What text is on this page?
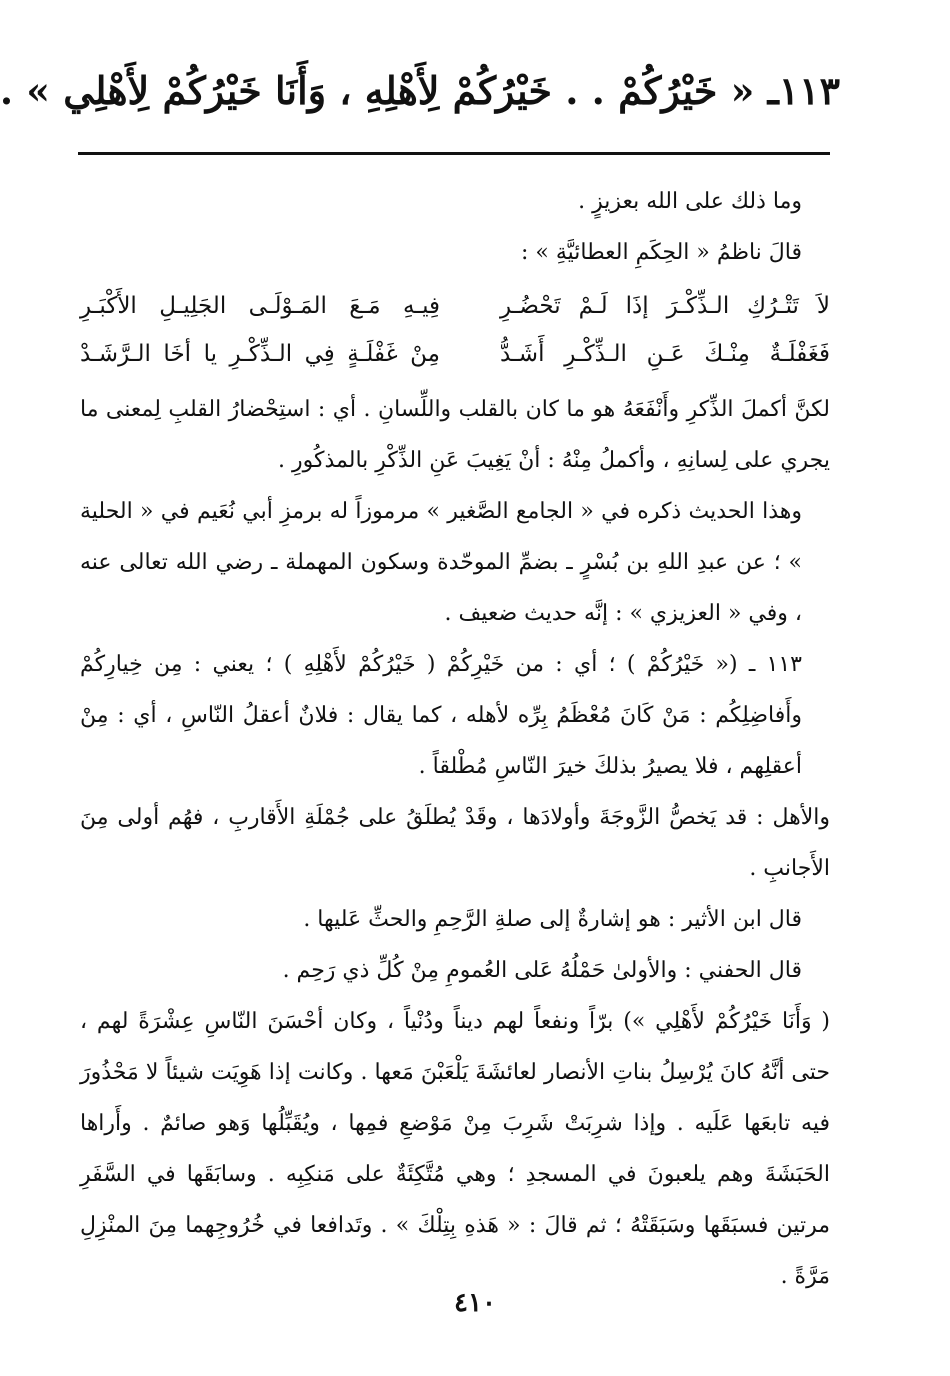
١١٣ـ « خَيْرُكُمْ . . خَيْرُكُمْ لِأَهْلِهِ ، وَأَنَا خَيْرُكُمْ لِأَهْلِي » .

وما ذلك على الله بعزيزٍ .

قالَ ناظمُ « الحِكَمِ العطائيَّةِ » :

لاَ تَتْـرُكِ الـذِّكْـرَ إذَا لَـمْ تَحْضُـرِ
فِيـهِ مَـعَ المَـوْلَـى الجَلِيـلِ الأَكْبَـرِ
فَغَفْلَـةٌ مِنْـكَ عَـنِ الـذِّكْـرِ أَشَـدُّ
مِنْ غَفْلَـةٍ فِي الـذِّكْـرِ يا أخَا الـرَّشَـدْ

لكنَّ أكملَ الذِّكرِ وأَنْفَعَهُ هو ما كان بالقلب واللِّسانِ . أي : استِحْضارُ القلبِ لِمعنى ما يجري على لِسانِهِ ، وأكملُ مِنْهُ : أنْ يَغِيبَ عَنِ الذِّكْرِ بالمذكُورِ .

وهذا الحديث ذكره في « الجامع الصَّغير » مرموزاً له برمزِ أبي نُعَيم في « الحلية » ؛ عن عبدِ اللهِ بن بُسْرٍ ـ بضمِّ الموحّدة وسكون المهملة ـ رضي الله تعالى عنه ، وفي « العزيزي » : إنَّه حديث ضعيف .

١١٣ ـ (« خَيْرُكُمْ ) ؛ أي : من خَيْرِكُمْ ( خَيْرُكُمْ لأَهْلِهِ ) ؛ يعني : مِن خِيارِكُمْ وأَفاضِلِكُم : مَنْ كَانَ مُعْظَمُ بِرِّه لأهله ، كما يقال : فلانٌ أعقلُ النّاسِ ، أي : مِنْ أعقلِهم ، فلا يصيرُ بذلكَ خيرَ النّاسِ مُطْلقاً .

والأهل : قد يَخصُّ الزَّوجَةَ وأولادَها ، وقَدْ يُطلَقُ على جُمْلَةِ الأَقاربِ ، فهُم أولى مِنَ الأَجانبِ .

قال ابن الأثير : هو إشارةٌ إلى صلةِ الرَّحِمِ والحثِّ عَليها .

قال الحفني : والأولىٰ حَمْلُهُ عَلى العُمومِ مِنْ كُلِّ ذي رَحِم .

( وَأَنَا خَيْرُكُمْ لأَهْلِي ») برّاً ونفعاً لهم ديناً ودُنْياً ، وكان أحْسَنَ النّاسِ عِشْرَةً لهم ، حتى أنَّهُ كانَ يُرْسِلُ بناتِ الأنصار لعائشَةَ يَلْعَبْنَ مَعها . وكانت إذا هَوِيَت شيئاً لا مَحْذُورَ فيه تابعَها عَلَيه . وإذا شرِبَتْ شَرِبَ مِنْ مَوْضعِ فمِها ، ويُقَبِّلُها وَهو صائمٌ . وأَراها الحَبَشَةَ وهم يلعبونَ في المسجدِ ؛ وهي مُتَّكِئَةٌ على مَنكِبِه . وسابَقَها في السَّفَرِ مرتين فسبَقَها وسَبَقَتْهُ ؛ ثم قالَ : « هَذهِ بِتِلْكَ » . وتَدافعا في خُرُوجِهما مِنَ المنْزِلِ مَرَّةً .

٤١٠
